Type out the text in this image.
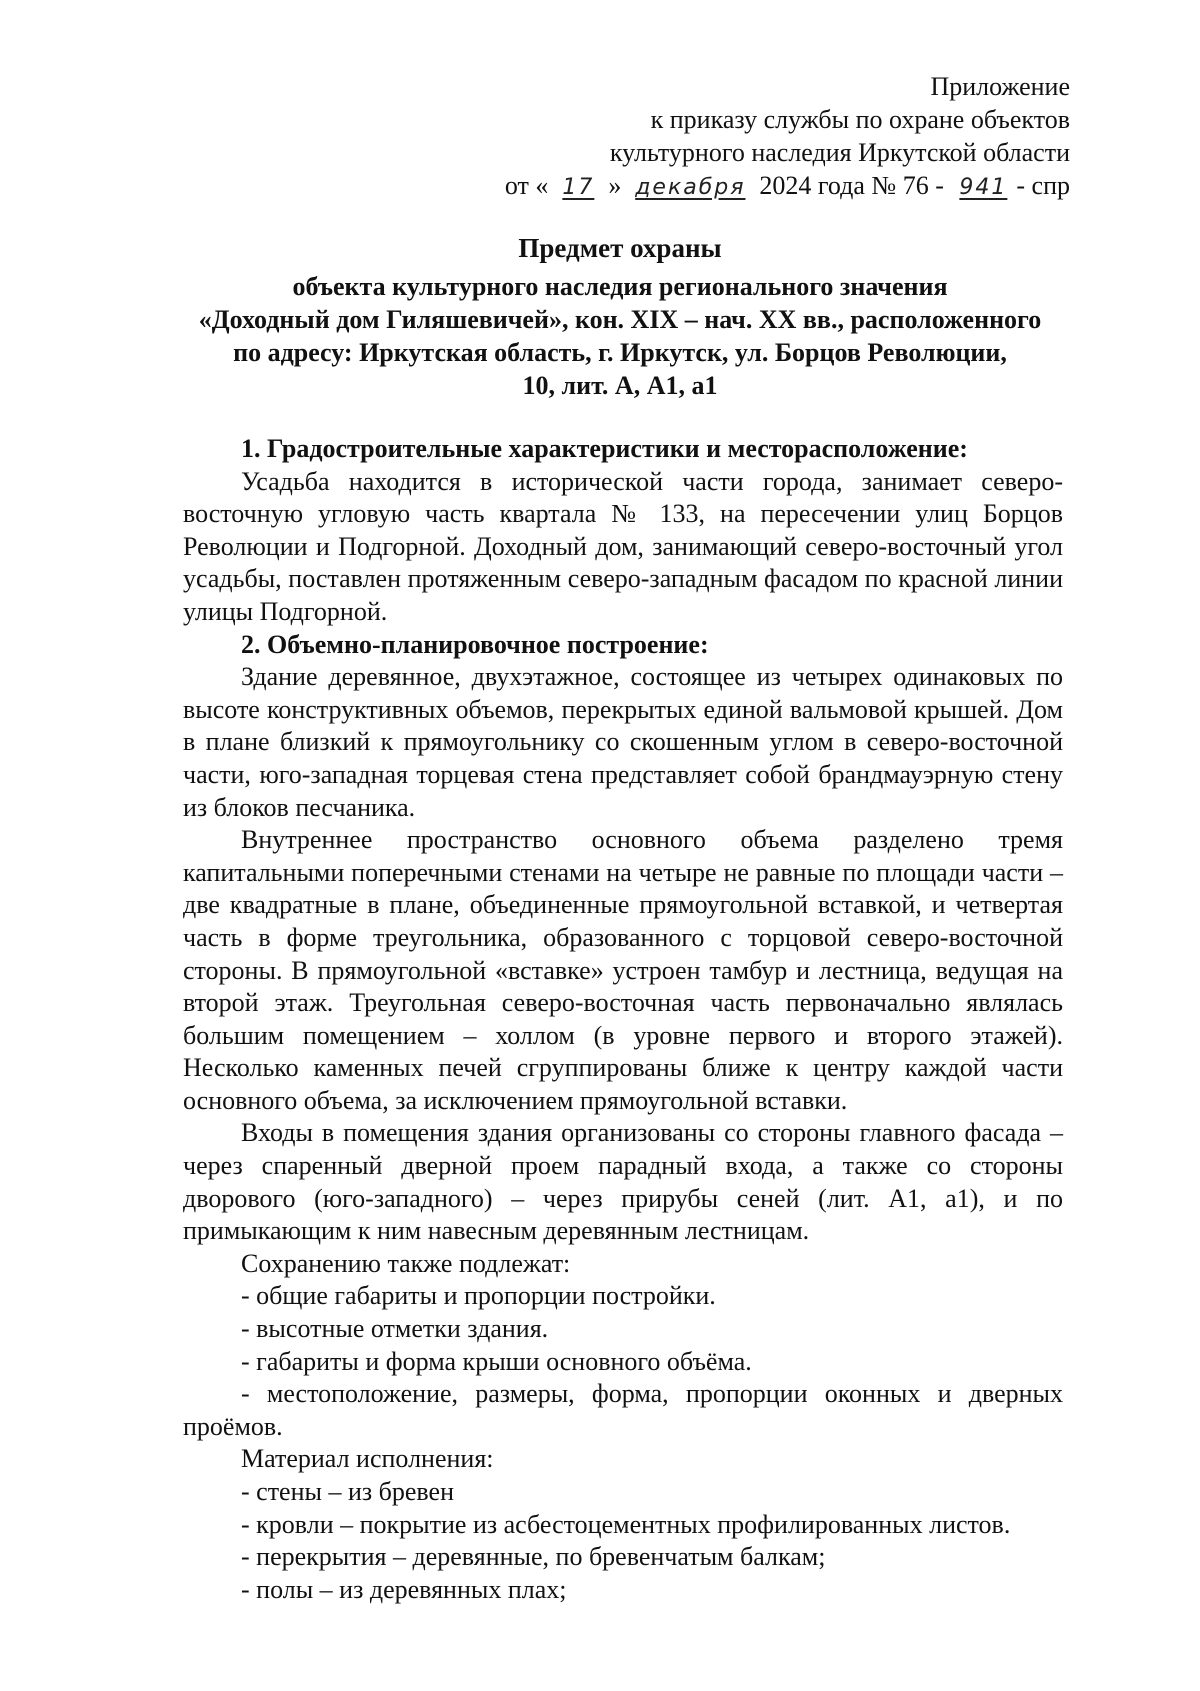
Приложение
к приказу службы по охране объектов
культурного наследия Иркутской области
от « 17 » декабря 2024 года № 76 - 941 - спр
Предмет охраны
объекта культурного наследия регионального значения
«Доходный дом Гиляшевичей», кон. XIX – нач. XX вв., расположенного
по адресу: Иркутская область, г. Иркутск, ул. Борцов Революции,
10, лит. А, А1, а1

1. Градостроительные характеристики и месторасположение:

Усадьба находится в исторической части города, занимает северо-восточную угловую часть квартала № 133, на пересечении улиц Борцов Революции и Подгорной. Доходный дом, занимающий северо-восточный угол усадьбы, поставлен протяженным северо-западным фасадом по красной линии улицы Подгорной.

2. Объемно-планировочное построение:

Здание деревянное, двухэтажное, состоящее из четырех одинаковых по высоте конструктивных объемов, перекрытых единой вальмовой крышей. Дом в плане близкий к прямоугольнику со скошенным углом в северо-восточной части, юго-западная торцевая стена представляет собой брандмауэрную стену из блоков песчаника.

Внутреннее пространство основного объема разделено тремя капитальными поперечными стенами на четыре не равные по площади части – две квадратные в плане, объединенные прямоугольной вставкой, и четвертая часть в форме треугольника, образованного с торцовой северо-восточной стороны. В прямоугольной «вставке» устроен тамбур и лестница, ведущая на второй этаж. Треугольная северо-восточная часть первоначально являлась большим помещением – холлом (в уровне первого и второго этажей). Несколько каменных печей сгруппированы ближе к центру каждой части основного объема, за исключением прямоугольной вставки.

Входы в помещения здания организованы со стороны главного фасада – через спаренный дверной проем парадный входа, а также со стороны дворового (юго-западного) – через прирубы сеней (лит. А1, а1), и по примыкающим к ним навесным деревянным лестницам.

Сохранению также подлежат:

- общие габариты и пропорции постройки.

- высотные отметки здания.

- габариты и форма крыши основного объёма.

- местоположение, размеры, форма, пропорции оконных и дверных проёмов.

Материал исполнения:

- стены – из бревен

- кровли – покрытие из асбестоцементных профилированных листов.

- перекрытия – деревянные, по бревенчатым балкам;

- полы – из деревянных плах;
